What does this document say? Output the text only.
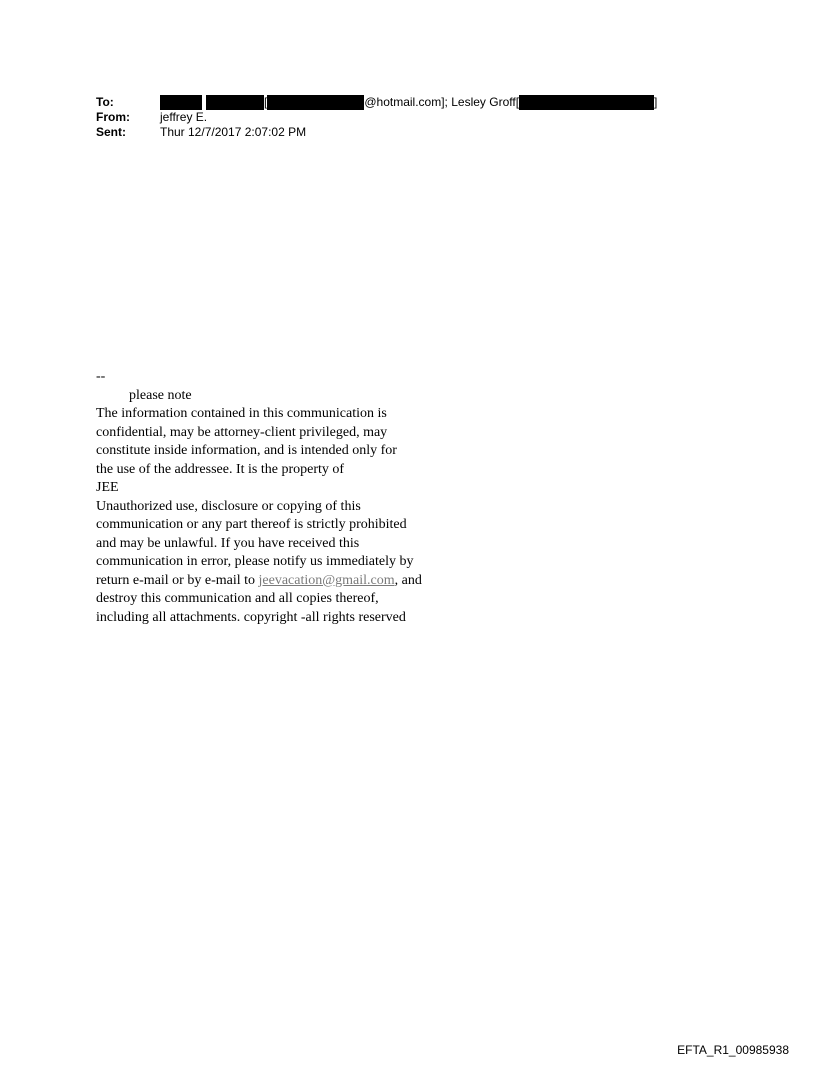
To:	[	@hotmail.com]; Lesley Groff[	]
From:	jeffrey E.
Sent:	Thur 12/7/2017 2:07:02 PM
--
please note
The information contained in this communication is
confidential, may be attorney-client privileged, may
constitute inside information, and is intended only for
the use of the addressee. It is the property of
JEE
Unauthorized use, disclosure or copying of this
communication or any part thereof is strictly prohibited
and may be unlawful. If you have received this
communication in error, please notify us immediately by
return e-mail or by e-mail to jeevacation@gmail.com, and
destroy this communication and all copies thereof,
including all attachments. copyright -all rights reserved
EFTA_R1_00985938
